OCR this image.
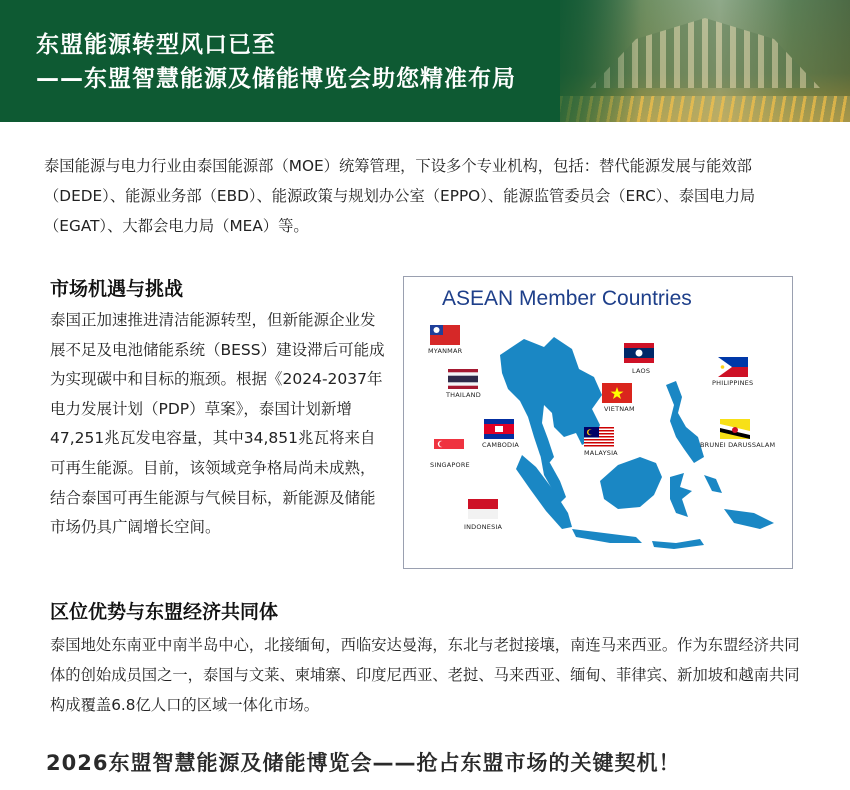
东盟能源转型风口已至
——东盟智慧能源及储能博览会助您精准布局

泰国能源与电力行业由泰国能源部（MOE）统筹管理，下设多个专业机构，包括：替代能源发展与能效部（DEDE）、能源业务部（EBD）、能源政策与规划办公室（EPPO）、能源监管委员会（ERC）、泰国电力局（EGAT）、大都会电力局（MEA）等。

市场机遇与挑战

泰国正加速推进清洁能源转型，但新能源企业发展不足及电池储能系统（BESS）建设滞后可能成为实现碳中和目标的瓶颈。根据《2024-2037年电力发展计划（PDP）草案》，泰国计划新增47,251兆瓦发电容量，其中34,851兆瓦将来自可再生能源。目前，该领域竞争格局尚未成熟，结合泰国可再生能源与气候目标，新能源及储能市场仍具广阔增长空间。

ASEAN Member Countries

MYANMAR
LAOS
PHILIPPINES
THAILAND
VIETNAM
CAMBODIA
MALAYSIA
BRUNEI DARUSSALAM
SINGAPORE
INDONESIA
区位优势与东盟经济共同体

泰国地处东南亚中南半岛中心，北接缅甸，西临安达曼海，东北与老挝接壤，南连马来西亚。作为东盟经济共同体的创始成员国之一，泰国与文莱、柬埔寨、印度尼西亚、老挝、马来西亚、缅甸、菲律宾、新加坡和越南共同构成覆盖6.8亿人口的区域一体化市场。

2026东盟智慧能源及储能博览会——抢占东盟市场的关键契机！
